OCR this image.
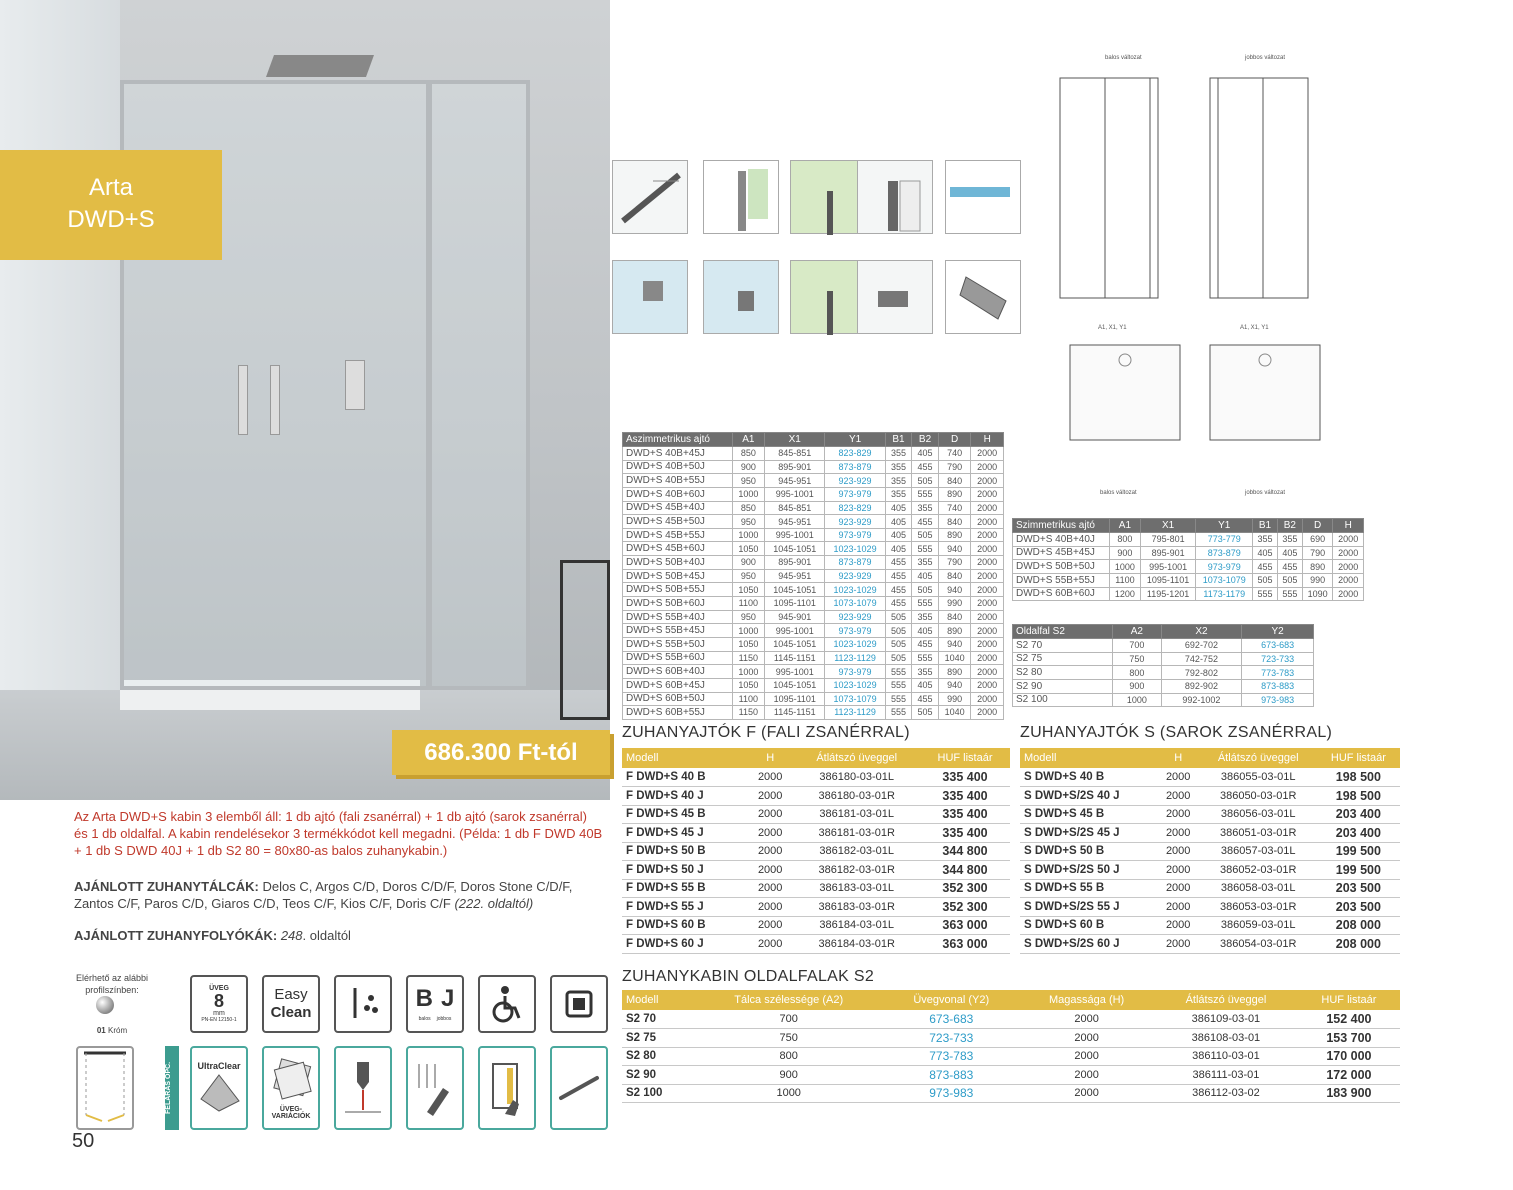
Arta
DWD+S
686.300 Ft-tól
Az Arta DWD+S kabin 3 elemből áll: 1 db ajtó (fali zsanérral) + 1 db ajtó (sarok zsanérral) és 1 db oldalfal. A kabin rendelésekor 3 termékkódot kell megadni. (Példa: 1 db F DWD 40B + 1 db S DWD 40J + 1 db S2 80 = 80x80-as balos zuhanykabin.)
AJÁNLOTT ZUHANYTÁLCÁK: Delos C, Argos C/D, Doros C/D/F, Doros Stone C/D/F, Zantos C/F, Paros C/D, Giaros C/D, Teos C/F, Kios C/F, Doris C/F (222. oldaltól)
AJÁNLOTT ZUHANYFOLYÓKÁK: 248. oldaltól
Elérhető az alábbi profilszínben:
01 Króm
ÜVEG
8
mm
PN-EN 12150-1
Easy
Clean
B J
balos jobbos
FELÁRAS OPC.	UltraClear
ÜVEG-VARIÁCIÓK
50
balos változat	jobbos változat
A1, X1, Y1	A1, X1, Y1
balos változat	jobbos változat
Aszimmetrikus ajtó	A1	X1	Y1	B1	B2	D	H
DWD+S 40B+45J	850	845-851	823-829	355	405	740	2000
DWD+S 40B+50J	900	895-901	873-879	355	455	790	2000
DWD+S 40B+55J	950	945-951	923-929	355	505	840	2000
DWD+S 40B+60J	1000	995-1001	973-979	355	555	890	2000
DWD+S 45B+40J	850	845-851	823-829	405	355	740	2000
DWD+S 45B+50J	950	945-951	923-929	405	455	840	2000
DWD+S 45B+55J	1000	995-1001	973-979	405	505	890	2000
DWD+S 45B+60J	1050	1045-1051	1023-1029	405	555	940	2000
DWD+S 50B+40J	900	895-901	873-879	455	355	790	2000
DWD+S 50B+45J	950	945-951	923-929	455	405	840	2000
DWD+S 50B+55J	1050	1045-1051	1023-1029	455	505	940	2000
DWD+S 50B+60J	1100	1095-1101	1073-1079	455	555	990	2000
DWD+S 55B+40J	950	945-901	923-929	505	355	840	2000
DWD+S 55B+45J	1000	995-1001	973-979	505	405	890	2000
DWD+S 55B+50J	1050	1045-1051	1023-1029	505	455	940	2000
DWD+S 55B+60J	1150	1145-1151	1123-1129	505	555	1040	2000
DWD+S 60B+40J	1000	995-1001	973-979	555	355	890	2000
DWD+S 60B+45J	1050	1045-1051	1023-1029	555	405	940	2000
DWD+S 60B+50J	1100	1095-1101	1073-1079	555	455	990	2000
DWD+S 60B+55J	1150	1145-1151	1123-1129	555	505	1040	2000
Szimmetrikus ajtó	A1	X1	Y1	B1	B2	D	H
DWD+S 40B+40J	800	795-801	773-779	355	355	690	2000
DWD+S 45B+45J	900	895-901	873-879	405	405	790	2000
DWD+S 50B+50J	1000	995-1001	973-979	455	455	890	2000
DWD+S 55B+55J	1100	1095-1101	1073-1079	505	505	990	2000
DWD+S 60B+60J	1200	1195-1201	1173-1179	555	555	1090	2000
Oldalfal S2	A2	X2	Y2
S2 70	700	692-702	673-683
S2 75	750	742-752	723-733
S2 80	800	792-802	773-783
S2 90	900	892-902	873-883
S2 100	1000	992-1002	973-983
ZUHANYAJTÓK F (FALI ZSANÉRRAL)
Modell	H	Átlátszó üveggel	HUF listaár
F DWD+S 40 B	2000	386180-03-01L	335 400
F DWD+S 40 J	2000	386180-03-01R	335 400
F DWD+S 45 B	2000	386181-03-01L	335 400
F DWD+S 45 J	2000	386181-03-01R	335 400
F DWD+S 50 B	2000	386182-03-01L	344 800
F DWD+S 50 J	2000	386182-03-01R	344 800
F DWD+S 55 B	2000	386183-03-01L	352 300
F DWD+S 55 J	2000	386183-03-01R	352 300
F DWD+S 60 B	2000	386184-03-01L	363 000
F DWD+S 60 J	2000	386184-03-01R	363 000
ZUHANYAJTÓK S (SAROK ZSANÉRRAL)
Modell	H	Átlátszó üveggel	HUF listaár
S DWD+S 40 B	2000	386055-03-01L	198 500
S DWD+S/2S 40 J	2000	386050-03-01R	198 500
S DWD+S 45 B	2000	386056-03-01L	203 400
S DWD+S/2S 45 J	2000	386051-03-01R	203 400
S DWD+S 50 B	2000	386057-03-01L	199 500
S DWD+S/2S 50 J	2000	386052-03-01R	199 500
S DWD+S 55 B	2000	386058-03-01L	203 500
S DWD+S/2S 55 J	2000	386053-03-01R	203 500
S DWD+S 60 B	2000	386059-03-01L	208 000
S DWD+S/2S 60 J	2000	386054-03-01R	208 000
ZUHANYKABIN OLDALFALAK S2
Modell	Tálca szélessége (A2)	Üvegvonal (Y2)	Magassága (H)	Átlátszó üveggel	HUF listaár
S2 70	700	673-683	2000	386109-03-01	152 400
S2 75	750	723-733	2000	386108-03-01	153 700
S2 80	800	773-783	2000	386110-03-01	170 000
S2 90	900	873-883	2000	386111-03-01	172 000
S2 100	1000	973-983	2000	386112-03-02	183 900
